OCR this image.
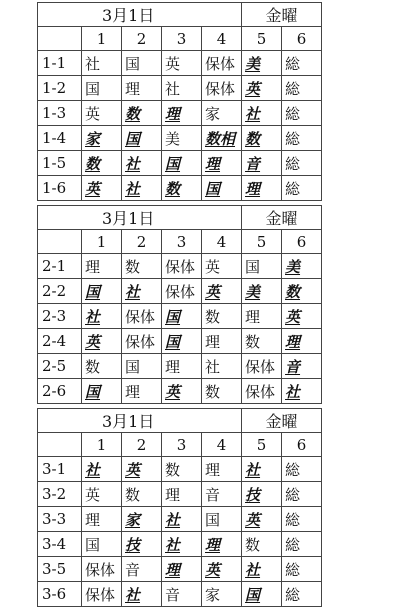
3月1日					金曜	
	1	2	3	4	5	6
1-1	社	国	英	保体	美	総
1-2	国	理	社	保体	英	総
1-3	英	数	理	家	社	総
1-4	家	国	美	数相	数	総
1-5	数	社	国	理	音	総
1-6	英	社	数	国	理	総
3月1日					金曜	
	1	2	3	4	5	6
2-1	理	数	保体	英	国	美
2-2	国	社	保体	英	美	数
2-3	社	保体	国	数	理	英
2-4	英	保体	国	理	数	理
2-5	数	国	理	社	保体	音
2-6	国	理	英	数	保体	社
3月1日					金曜	
	1	2	3	4	5	6
3-1	社	英	数	理	社	総
3-2	英	数	理	音	技	総
3-3	理	家	社	国	英	総
3-4	国	技	社	理	数	総
3-5	保体	音	理	英	社	総
3-6	保体	社	音	家	国	総
